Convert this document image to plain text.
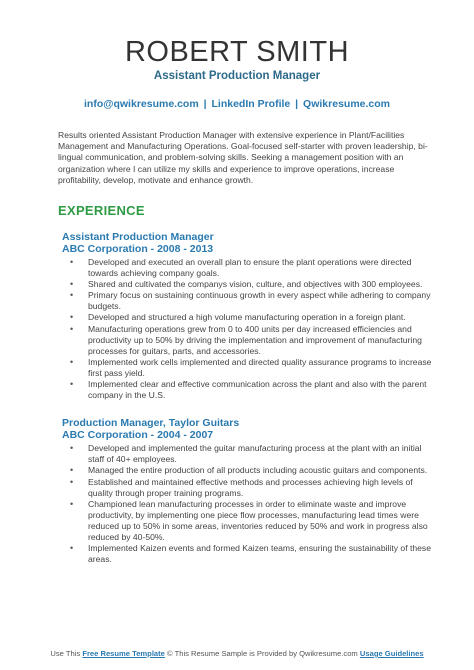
ROBERT SMITH
Assistant Production Manager
info@qwikresume.com | LinkedIn Profile | Qwikresume.com

Results oriented Assistant Production Manager with extensive experience in Plant/Facilities Management and Manufacturing Operations. Goal-focused self-starter with proven leadership, bi-lingual communication, and problem-solving skills. Seeking a management position with an organization where I can utilize my skills and experience to improve operations, increase profitability, develop, motivate and enhance growth.

EXPERIENCE
Assistant Production Manager
ABC Corporation - 2008 - 2013
• Developed and executed an overall plan to ensure the plant operations were directed towards achieving company goals.
• Shared and cultivated the companys vision, culture, and objectives with 300 employees.
• Primary focus on sustaining continuous growth in every aspect while adhering to company budgets.
• Developed and structured a high volume manufacturing operation in a foreign plant.
• Manufacturing operations grew from 0 to 400 units per day increased efficiencies and productivity up to 50% by driving the implementation and improvement of manufacturing processes for guitars, parts, and accessories.
• Implemented work cells implemented and directed quality assurance programs to increase first pass yield.
• Implemented clear and effective communication across the plant and also with the parent company in the U.S.
Production Manager, Taylor Guitars
ABC Corporation - 2004 - 2007
• Developed and implemented the guitar manufacturing process at the plant with an initial staff of 40+ employees.
• Managed the entire production of all products including acoustic guitars and components.
• Established and maintained effective methods and processes achieving high levels of quality through proper training programs.
• Championed lean manufacturing processes in order to eliminate waste and improve productivity, by implementing one piece flow processes, manufacturing lead times were reduced up to 50% in some areas, inventories reduced by 50% and work in progress also reduced by 40-50%.
• Implemented Kaizen events and formed Kaizen teams, ensuring the sustainability of these areas.
Use This Free Resume Template © This Resume Sample is Provided by Qwikresume.com Usage Guidelines
